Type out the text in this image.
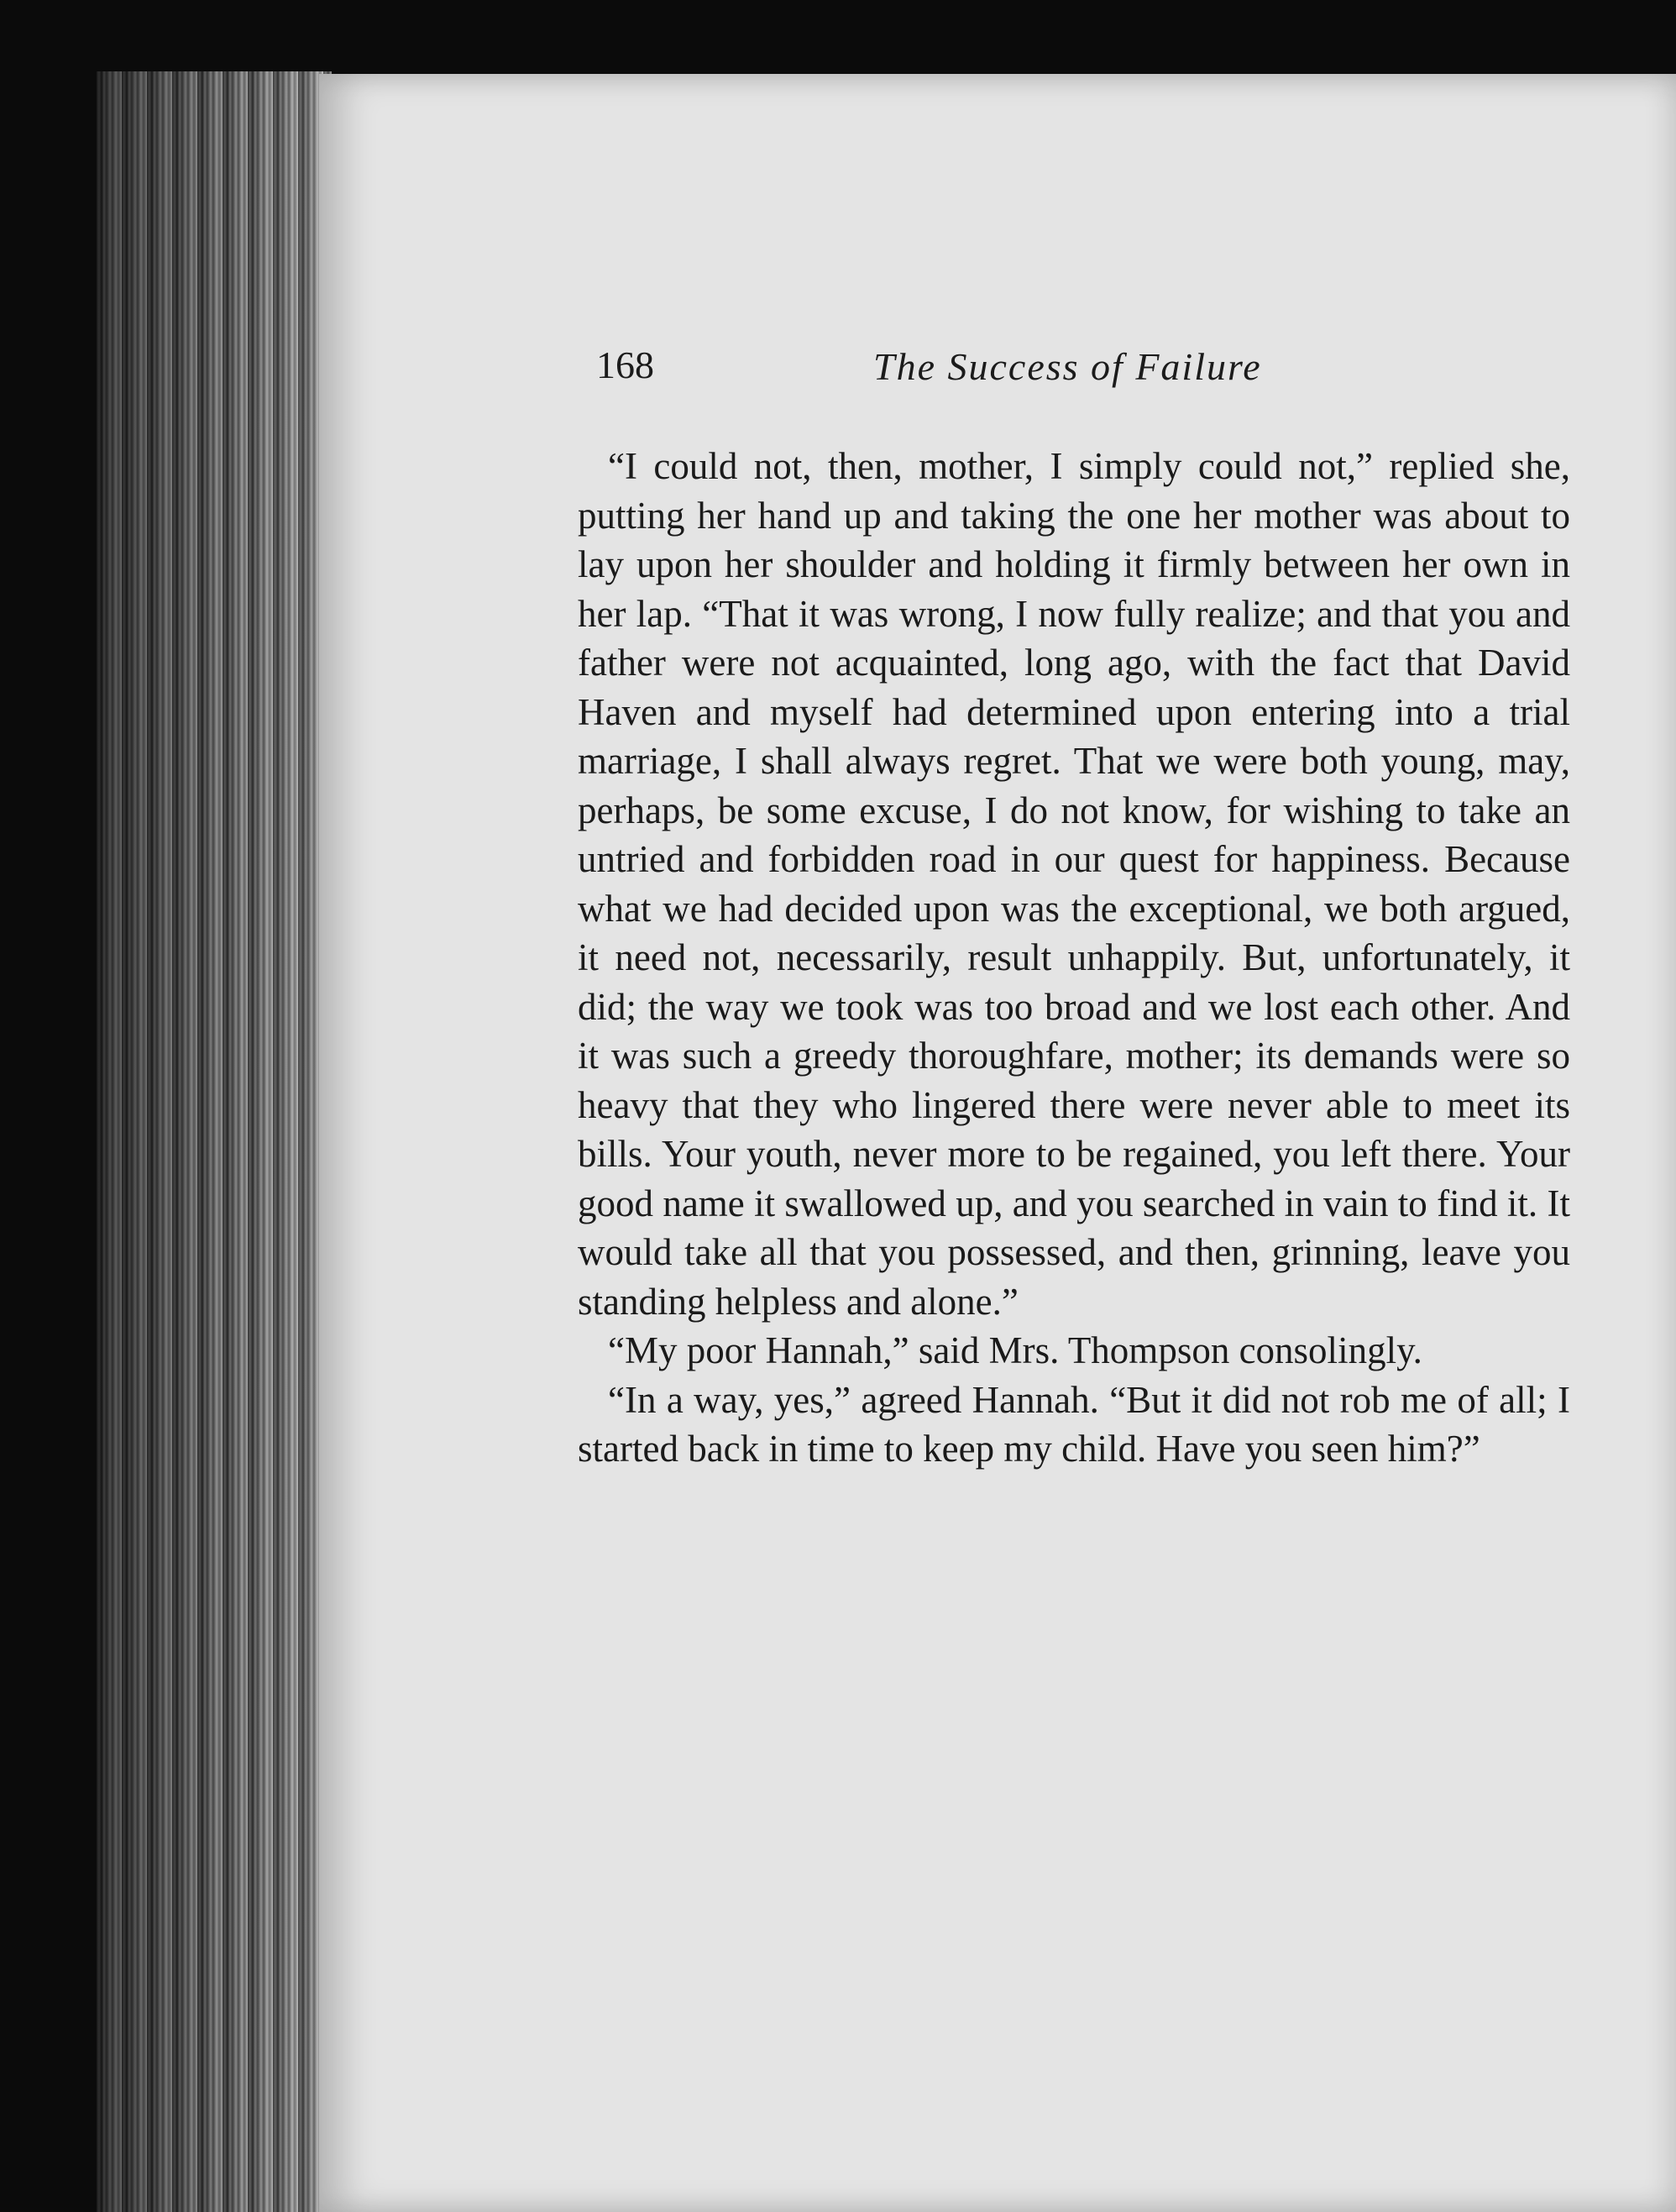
168	The Success of Failure

“I could not, then, mother, I simply could not,” replied she, putting her hand up and taking the one her mother was about to lay upon her shoulder and holding it firmly between her own in her lap. “That it was wrong, I now fully realize; and that you and father were not acquainted, long ago, with the fact that David Haven and myself had determined upon entering into a trial marriage, I shall always regret. That we were both young, may, perhaps, be some excuse, I do not know, for wishing to take an untried and forbidden road in our quest for happiness. Because what we had decided upon was the exceptional, we both argued, it need not, necessarily, result unhappily. But, unfortunately, it did; the way we took was too broad and we lost each other. And it was such a greedy thoroughfare, mother; its demands were so heavy that they who lingered there were never able to meet its bills. Your youth, never more to be regained, you left there. Your good name it swallowed up, and you searched in vain to find it. It would take all that you possessed, and then, grinning, leave you standing helpless and alone.”

“My poor Hannah,” said Mrs. Thompson consolingly.

“In a way, yes,” agreed Hannah. “But it did not rob me of all; I started back in time to keep my child. Have you seen him?”
